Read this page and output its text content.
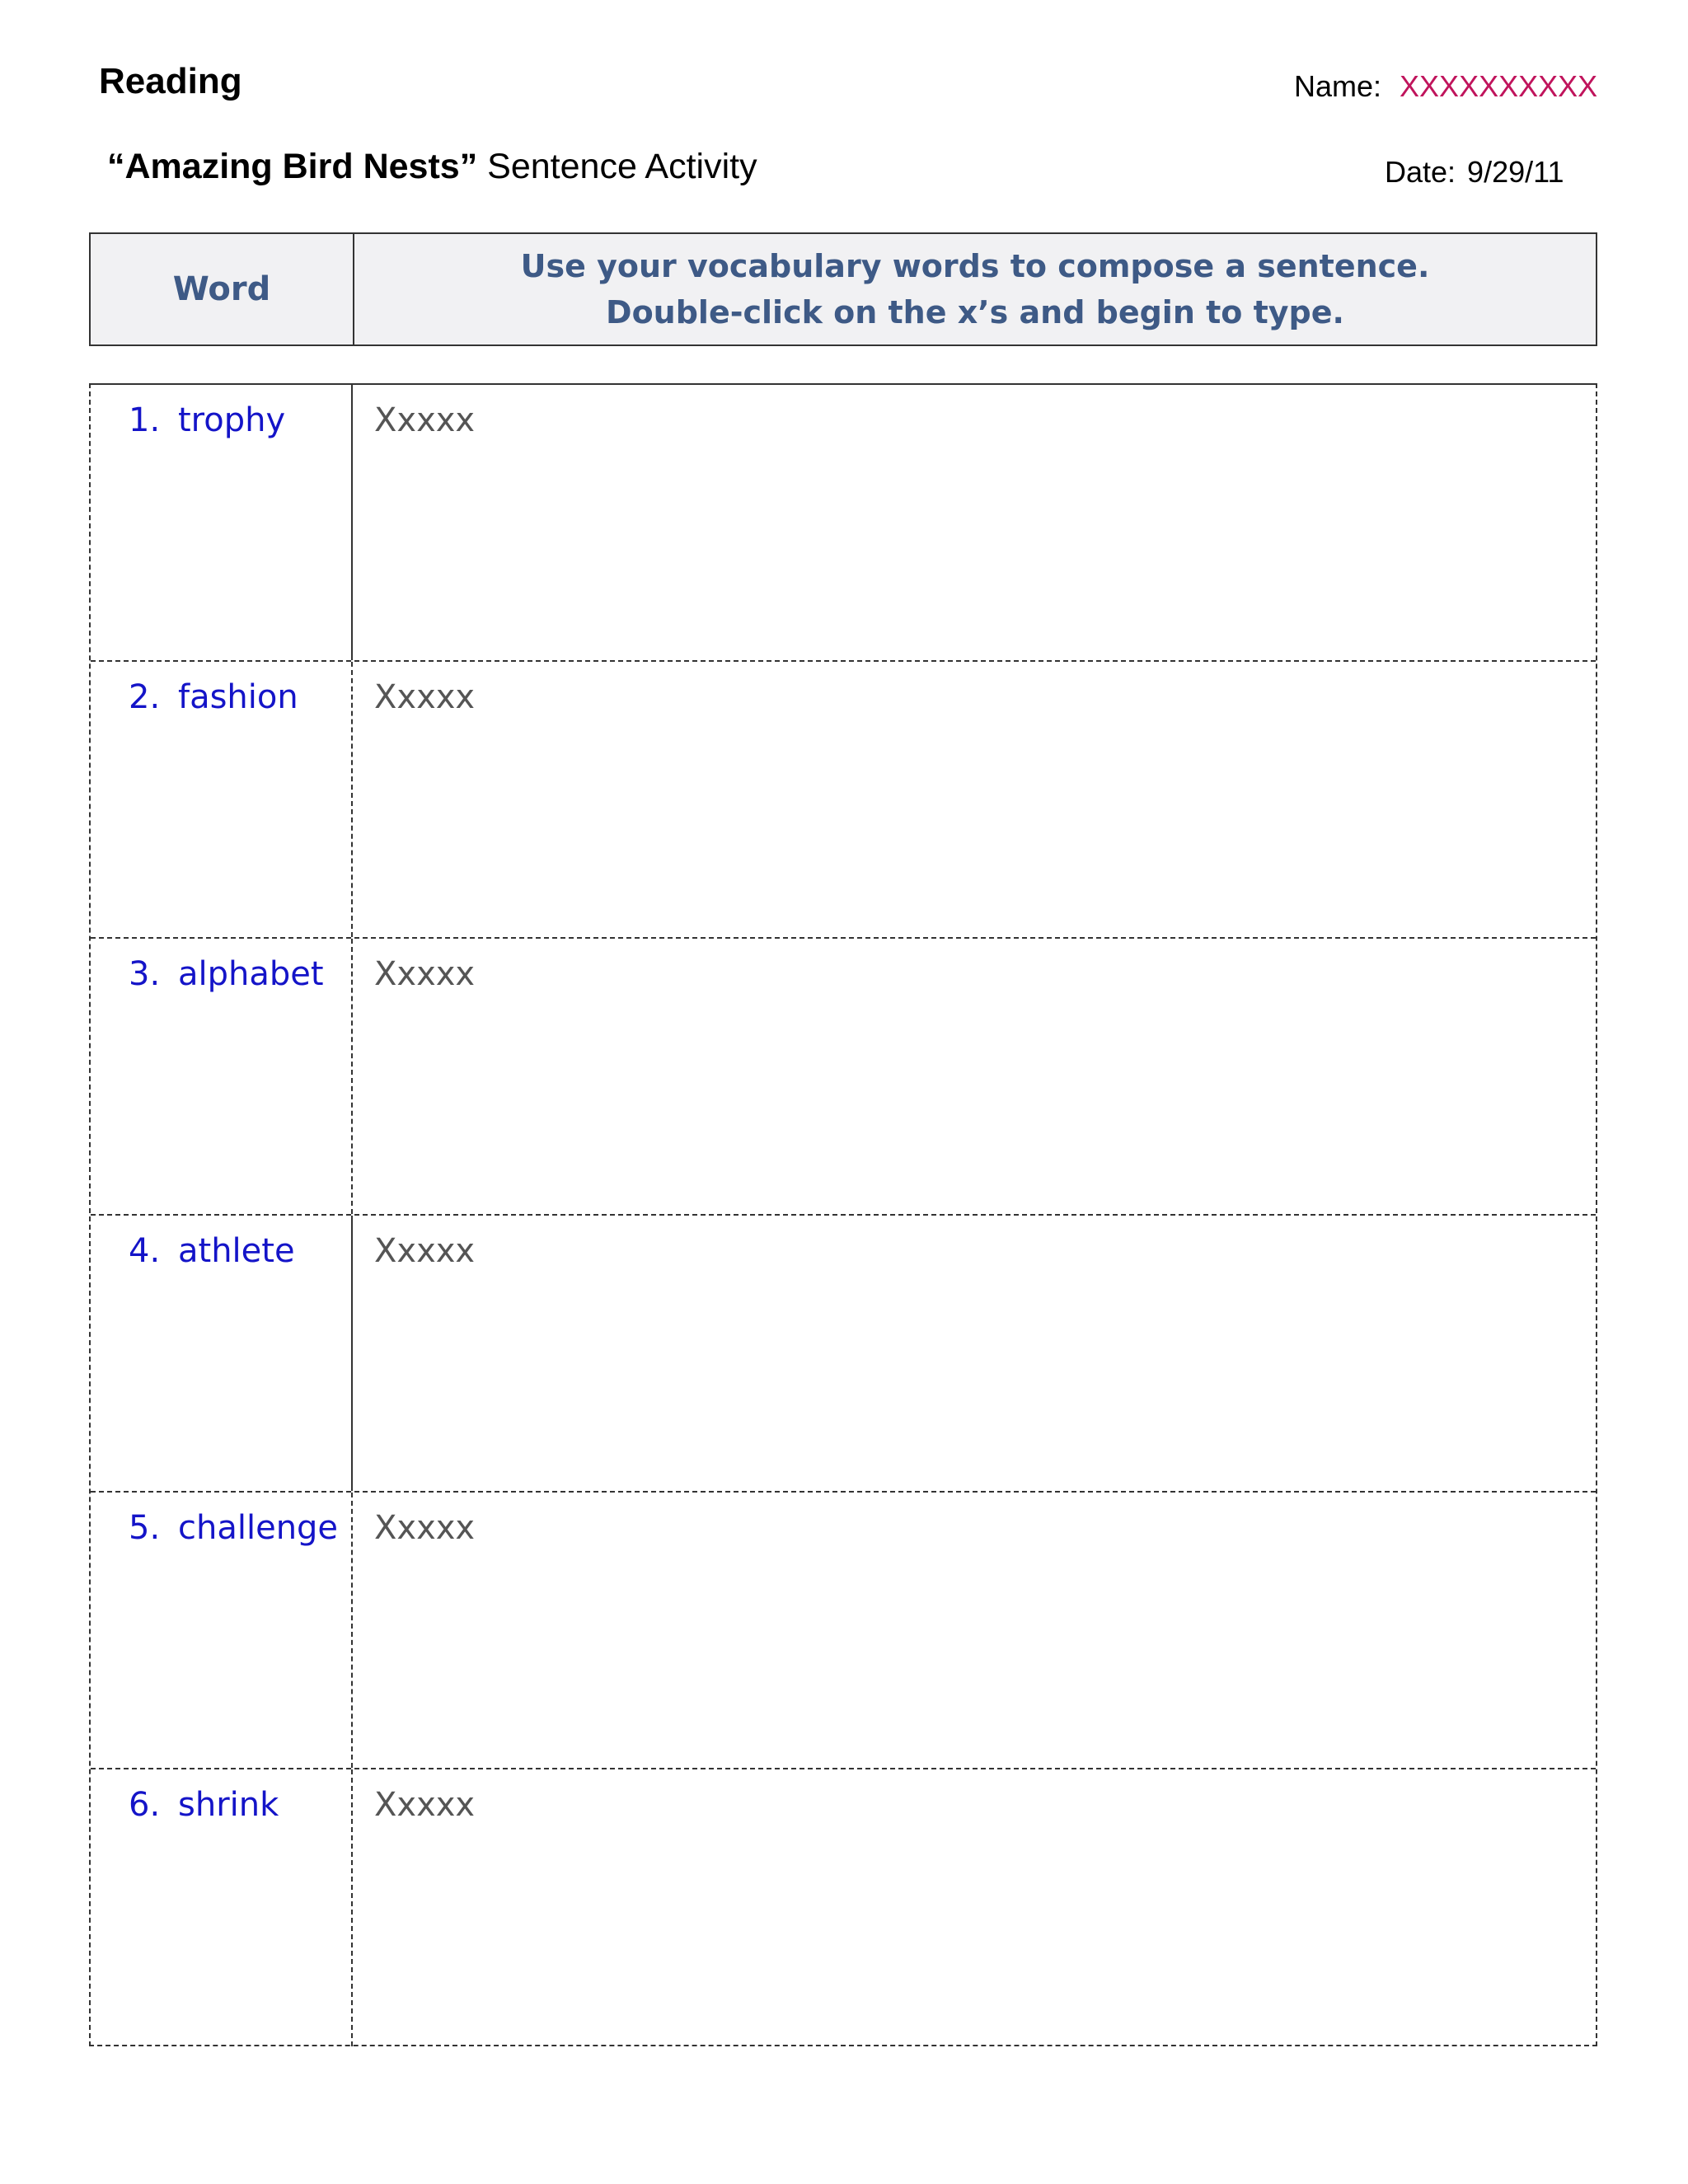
Reading	Name: XXXXXXXXXX
“Amazing Bird Nests” Sentence Activity	Date: 9/29/11
Word
Use your vocabulary words to compose a sentence.
Double-click on the x’s and begin to type.
1. trophy	Xxxxx
2. fashion	Xxxxx
3. alphabet	Xxxxx
4. athlete	Xxxxx
5. challenge	Xxxxx
6. shrink	Xxxxx
